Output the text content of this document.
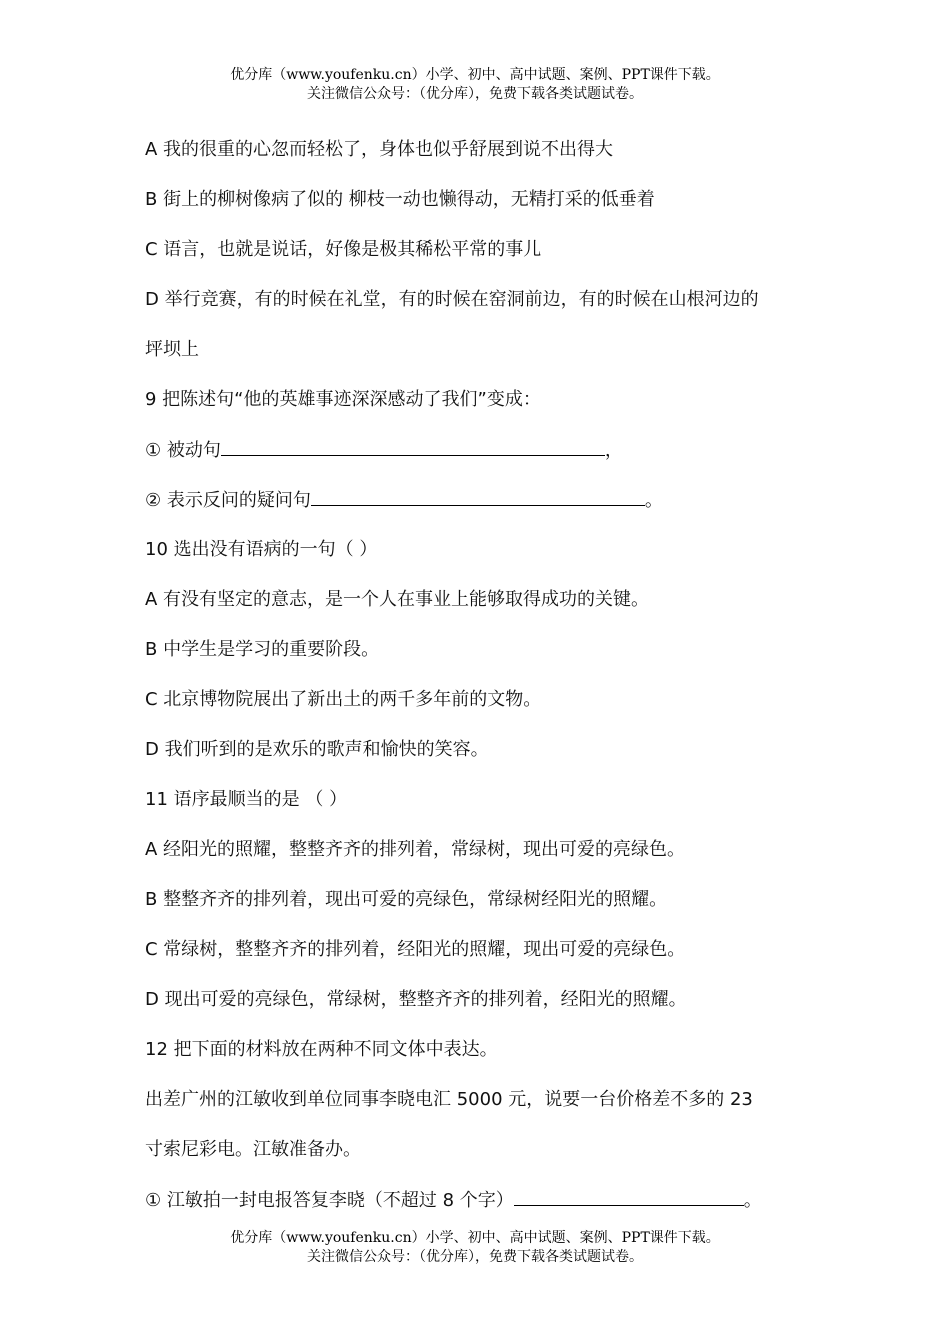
优分库（www.youfenku.cn）小学、初中、高中试题、案例、PPT课件下载。
关注微信公众号：（优分库），免费下载各类试题试卷。
A 我的很重的心忽而轻松了，身体也似乎舒展到说不出得大
B 街上的柳树像病了似的 柳枝一动也懒得动，无精打采的低垂着
C 语言，也就是说话，好像是极其稀松平常的事儿
D 举行竞赛，有的时候在礼堂，有的时候在窑洞前边，有的时候在山根河边的
坪坝上
9 把陈述句“他的英雄事迹深深感动了我们”变成：
① 被动句	，
② 表示反问的疑问句	。
10 选出没有语病的一句（ ）
A 有没有坚定的意志，是一个人在事业上能够取得成功的关键。
B 中学生是学习的重要阶段。
C 北京博物院展出了新出土的两千多年前的文物。
D 我们听到的是欢乐的歌声和愉快的笑容。
11 语序最顺当的是 （ ）
A 经阳光的照耀，整整齐齐的排列着，常绿树，现出可爱的亮绿色。
B 整整齐齐的排列着，现出可爱的亮绿色，常绿树经阳光的照耀。
C 常绿树，整整齐齐的排列着，经阳光的照耀，现出可爱的亮绿色。
D 现出可爱的亮绿色，常绿树，整整齐齐的排列着，经阳光的照耀。
12 把下面的材料放在两种不同文体中表达。
出差广州的江敏收到单位同事李晓电汇 5000 元，说要一台价格差不多的 23
寸索尼彩电。江敏准备办。
① 江敏拍一封电报答复李晓（不超过 8 个字）	。
优分库（www.youfenku.cn）小学、初中、高中试题、案例、PPT课件下载。
关注微信公众号：（优分库），免费下载各类试题试卷。
